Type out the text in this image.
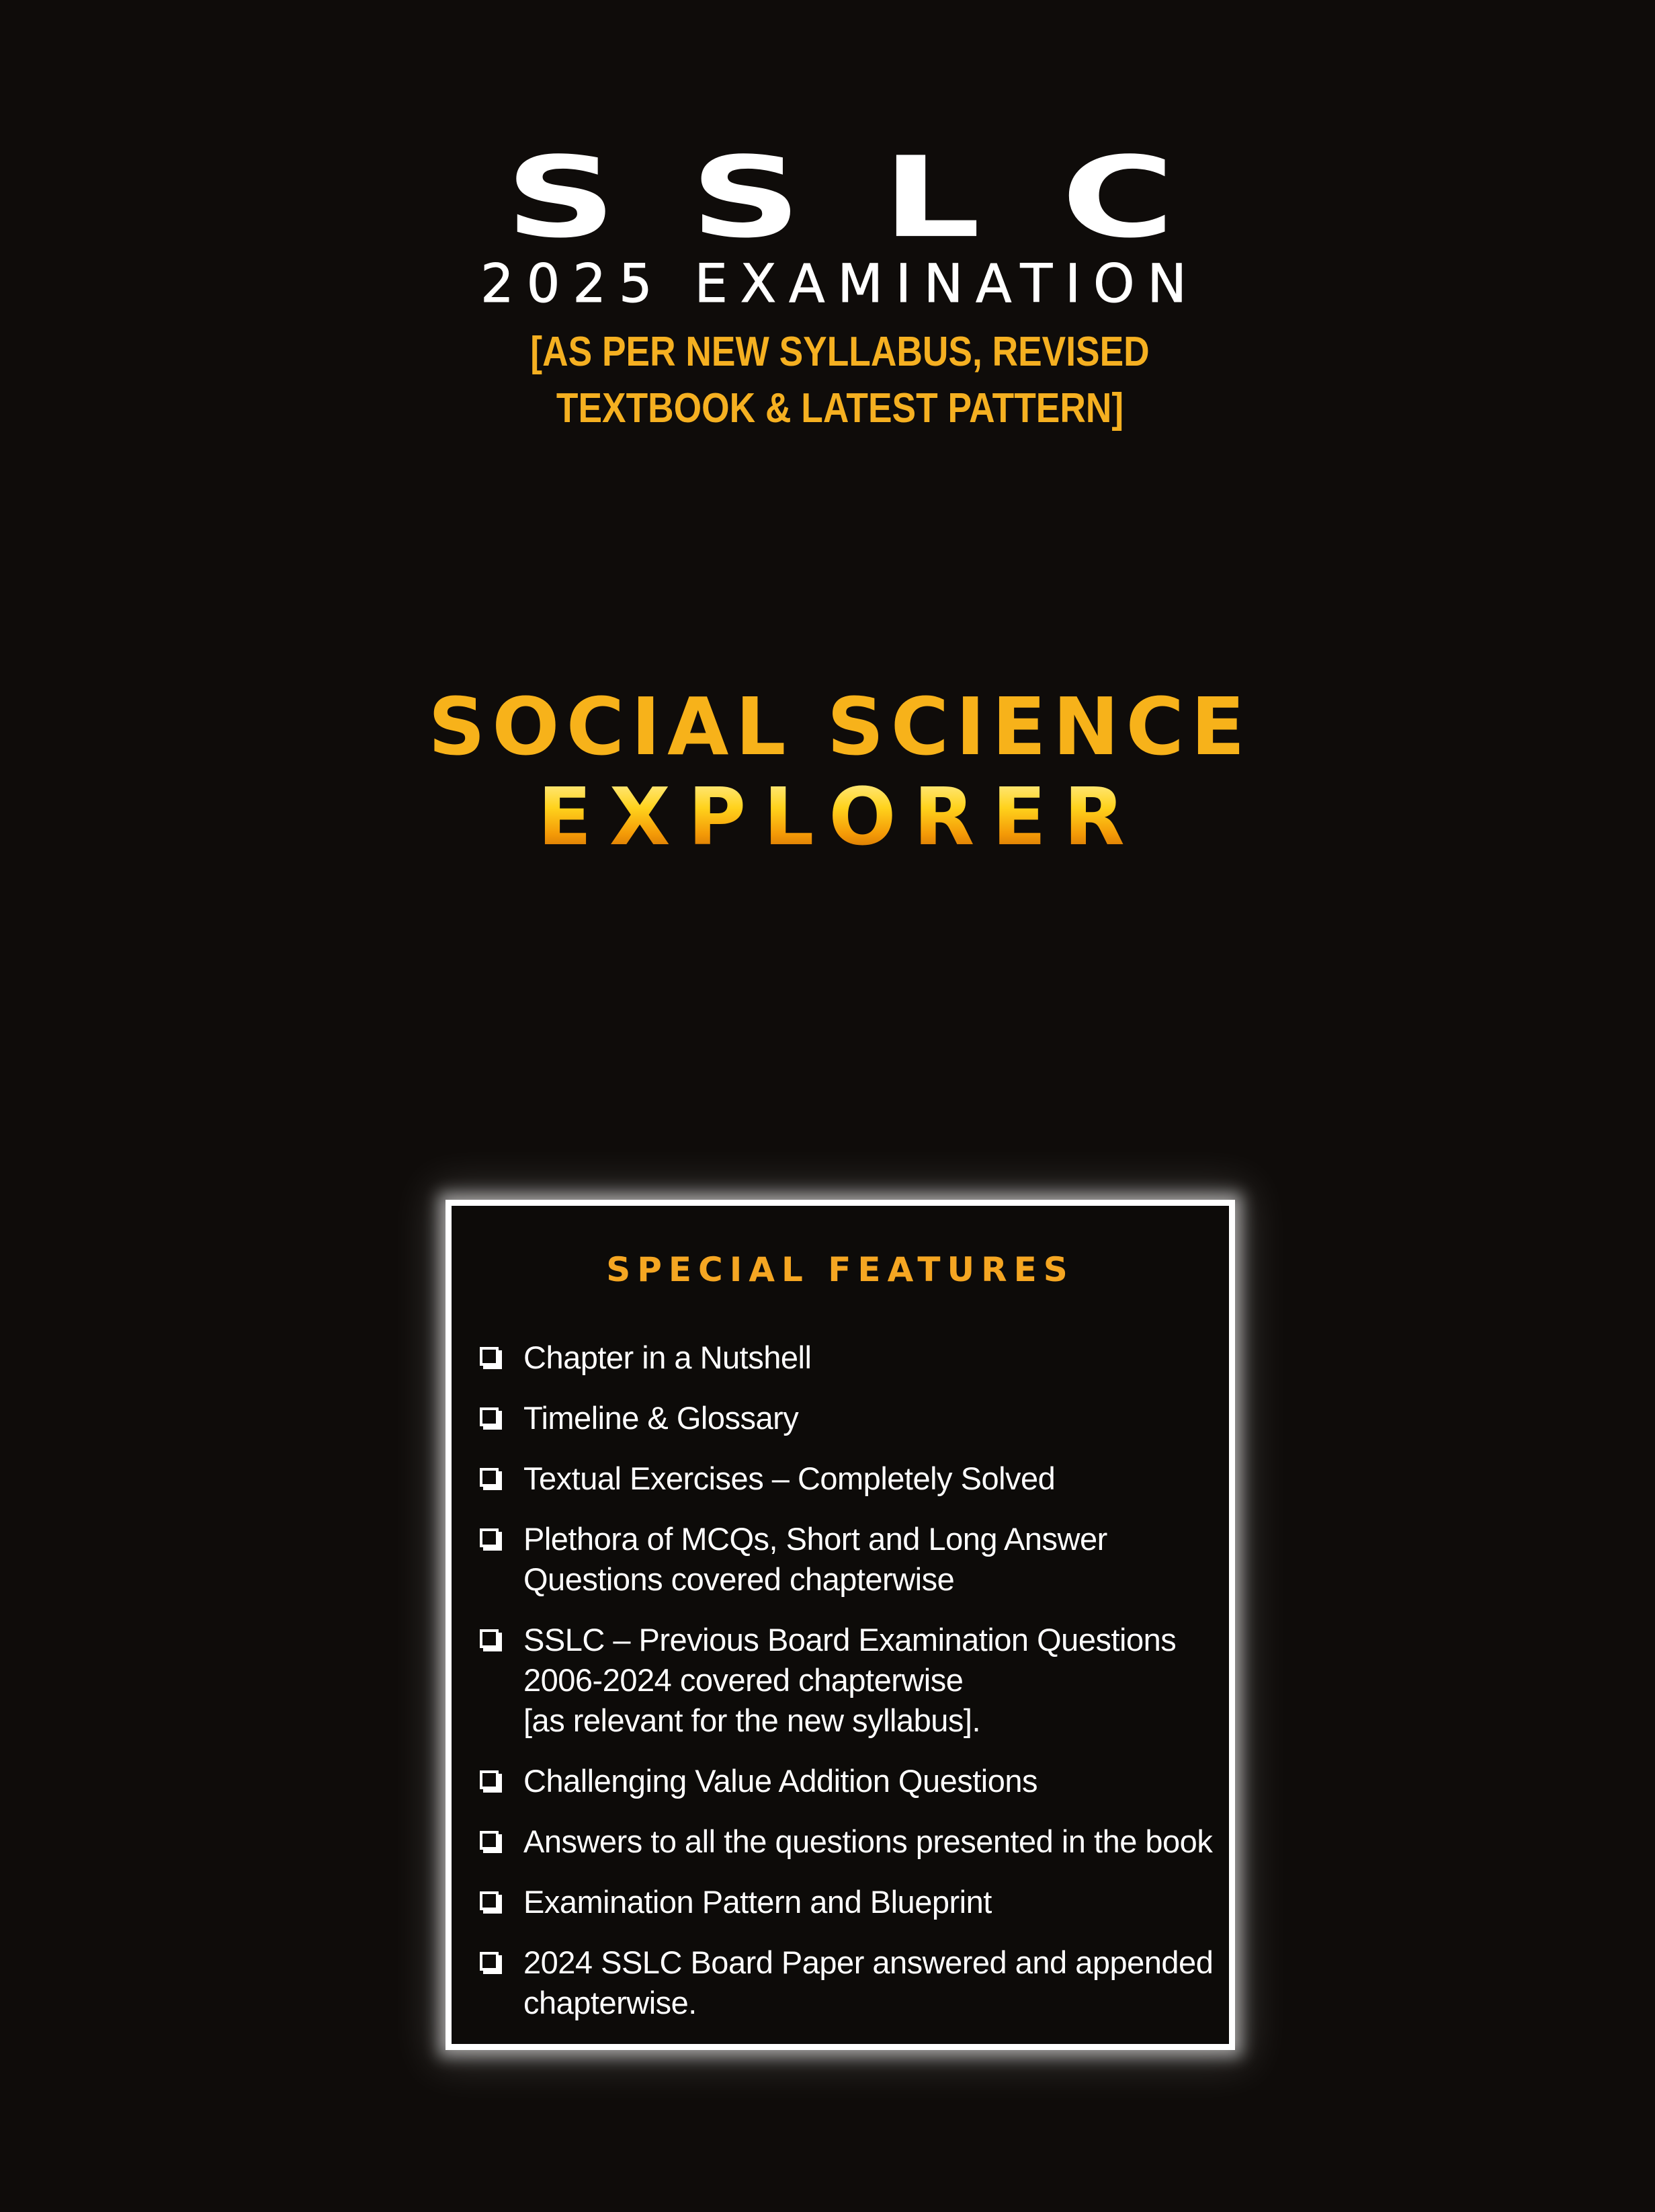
SSLC
2025 EXAMINATION
[AS PER NEW SYLLABUS, REVISED
TEXTBOOK & LATEST PATTERN]
SOCIAL SCIENCE
EXPLORER
SPECIAL FEATURES
Chapter in a Nutshell
Timeline & Glossary
Textual Exercises – Completely Solved
Plethora of MCQs, Short and Long Answer
Questions covered chapterwise
SSLC – Previous Board Examination Questions
2006-2024 covered chapterwise
[as relevant for the new syllabus].
Challenging Value Addition Questions
Answers to all the questions presented in the book
Examination Pattern and Blueprint
2024 SSLC Board Paper answered and appended
chapterwise.
